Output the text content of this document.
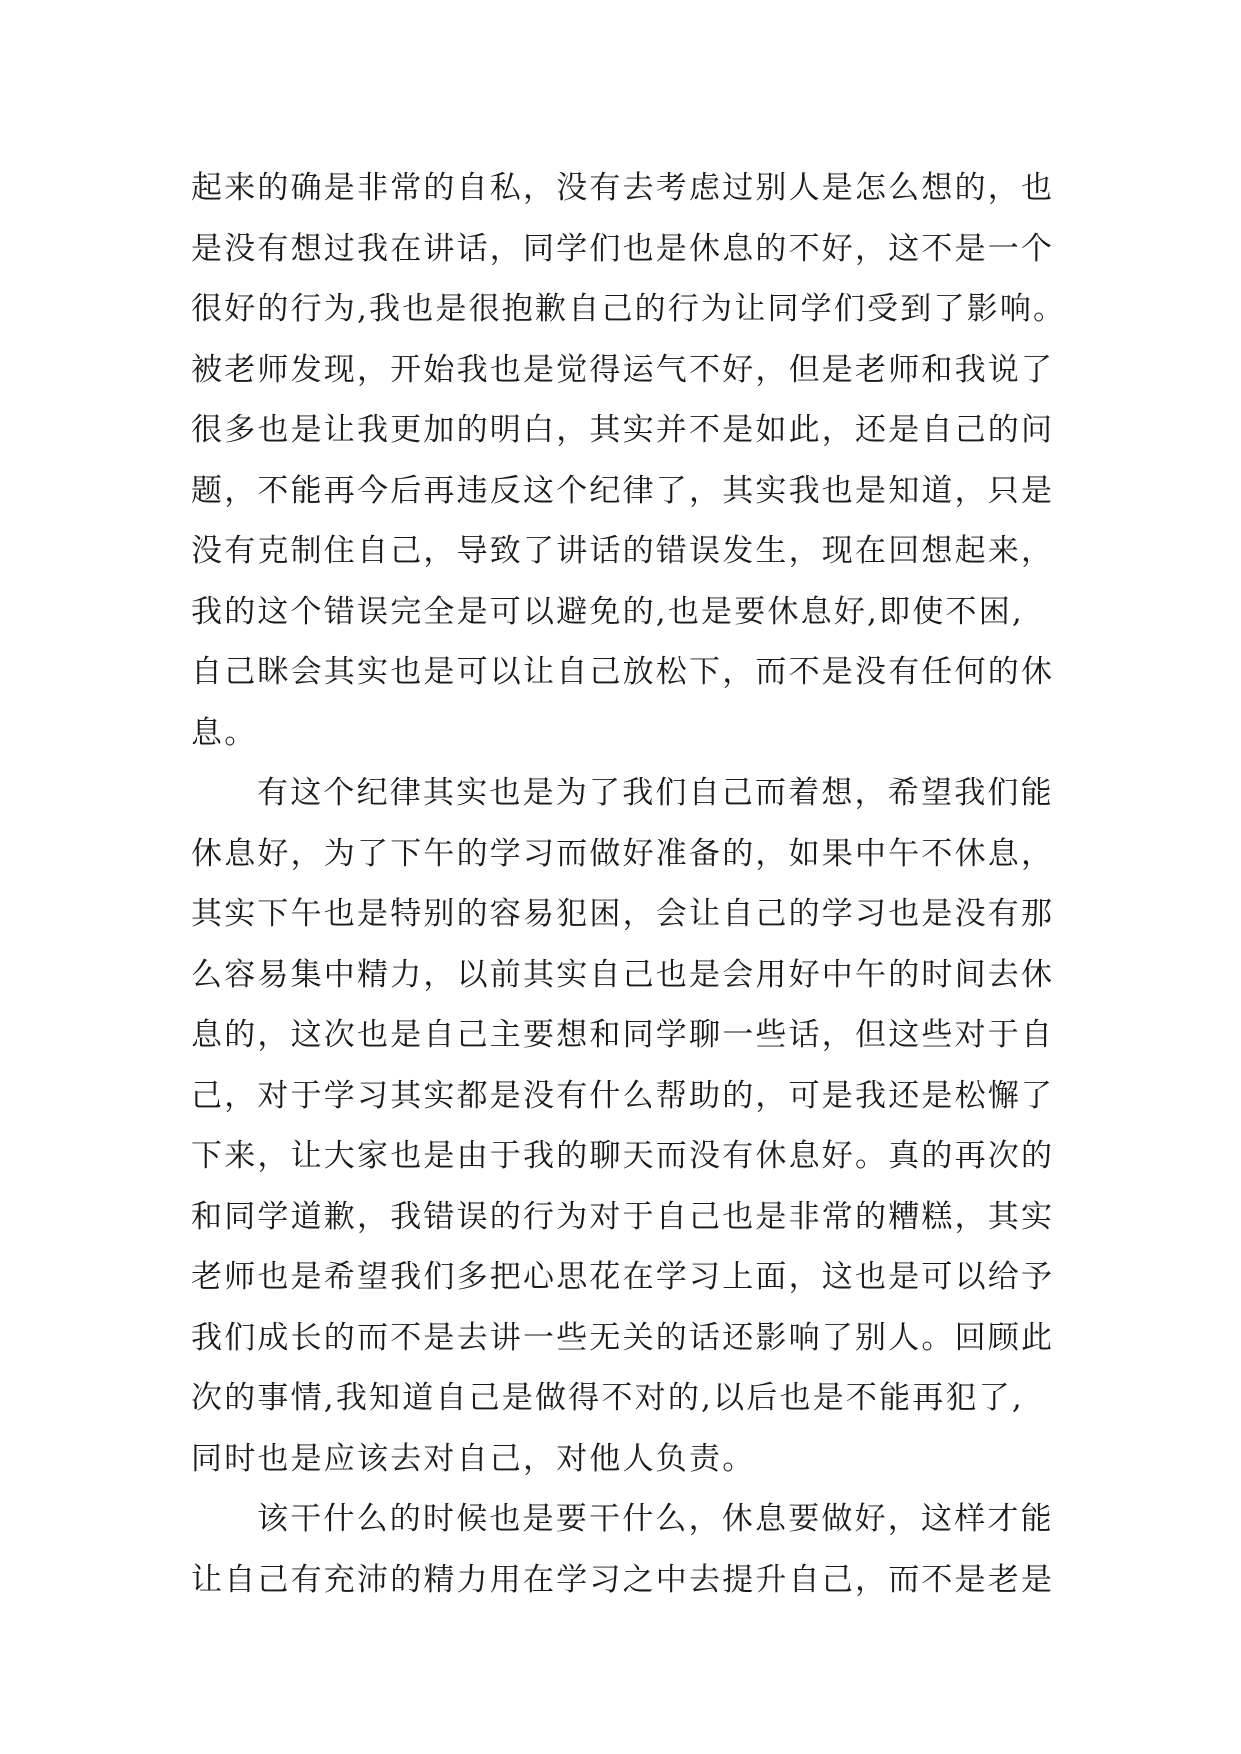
起来的确是非常的自私，没有去考虑过别人是怎么想的，也
是没有想过我在讲话，同学们也是休息的不好，这不是一个
很好的行为,我也是很抱歉自己的行为让同学们受到了影响。
被老师发现，开始我也是觉得运气不好，但是老师和我说了
很多也是让我更加的明白，其实并不是如此，还是自己的问
题，不能再今后再违反这个纪律了，其实我也是知道，只是
没有克制住自己，导致了讲话的错误发生，现在回想起来，
我的这个错误完全是可以避免的,也是要休息好,即使不困,
自己眯会其实也是可以让自己放松下，而不是没有任何的休
息。
有这个纪律其实也是为了我们自己而着想，希望我们能
休息好，为了下午的学习而做好准备的，如果中午不休息，
其实下午也是特别的容易犯困，会让自己的学习也是没有那
么容易集中精力，以前其实自己也是会用好中午的时间去休
息的，这次也是自己主要想和同学聊一些话，但这些对于自
己，对于学习其实都是没有什么帮助的，可是我还是松懈了
下来，让大家也是由于我的聊天而没有休息好。真的再次的
和同学道歉，我错误的行为对于自己也是非常的糟糕，其实
老师也是希望我们多把心思花在学习上面，这也是可以给予
我们成长的而不是去讲一些无关的话还影响了别人。回顾此
次的事情,我知道自己是做得不对的,以后也是不能再犯了,
同时也是应该去对自己，对他人负责。
该干什么的时候也是要干什么，休息要做好，这样才能
让自己有充沛的精力用在学习之中去提升自己，而不是老是
